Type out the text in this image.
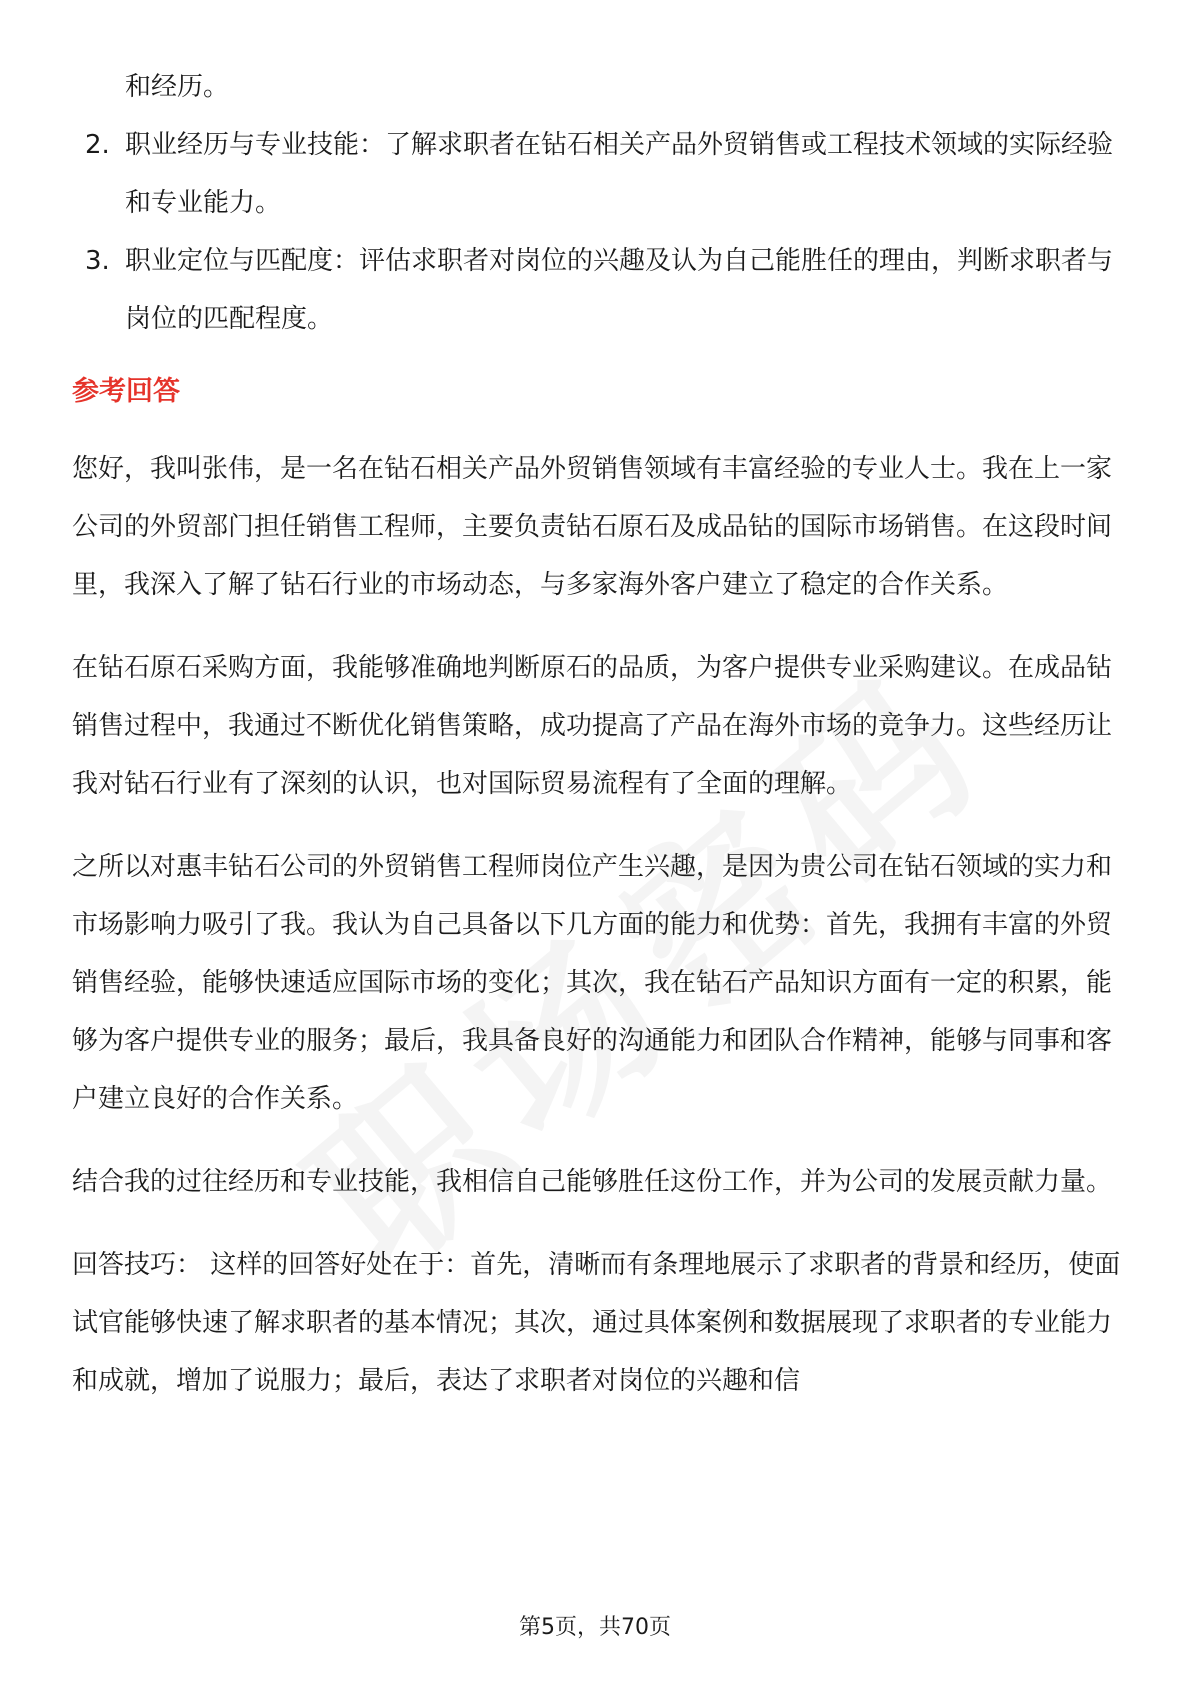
和经历。
2. 职业经历与专业技能：了解求职者在钻石相关产品外贸销售或工程技术领域的实际经验和专业能力。
3. 职业定位与匹配度：评估求职者对岗位的兴趣及认为自己能胜任的理由，判断求职者与岗位的匹配程度。
参考回答

您好，我叫张伟，是一名在钻石相关产品外贸销售领域有丰富经验的专业人士。我在上一家公司的外贸部门担任销售工程师，主要负责钻石原石及成品钻的国际市场销售。在这段时间里，我深入了解了钻石行业的市场动态，与多家海外客户建立了稳定的合作关系。

在钻石原石采购方面，我能够准确地判断原石的品质，为客户提供专业采购建议。在成品钻销售过程中，我通过不断优化销售策略，成功提高了产品在海外市场的竞争力。这些经历让我对钻石行业有了深刻的认识，也对国际贸易流程有了全面的理解。

之所以对惠丰钻石公司的外贸销售工程师岗位产生兴趣，是因为贵公司在钻石领域的实力和市场影响力吸引了我。我认为自己具备以下几方面的能力和优势：首先，我拥有丰富的外贸销售经验，能够快速适应国际市场的变化；其次，我在钻石产品知识方面有一定的积累，能够为客户提供专业的服务；最后，我具备良好的沟通能力和团队合作精神，能够与同事和客户建立良好的合作关系。

结合我的过往经历和专业技能，我相信自己能够胜任这份工作，并为公司的发展贡献力量。

回答技巧： 这样的回答好处在于：首先，清晰而有条理地展示了求职者的背景和经历，使面试官能够快速了解求职者的基本情况；其次，通过具体案例和数据展现了求职者的专业能力和成就，增加了说服力；最后，表达了求职者对岗位的兴趣和信

第5页，共70页
